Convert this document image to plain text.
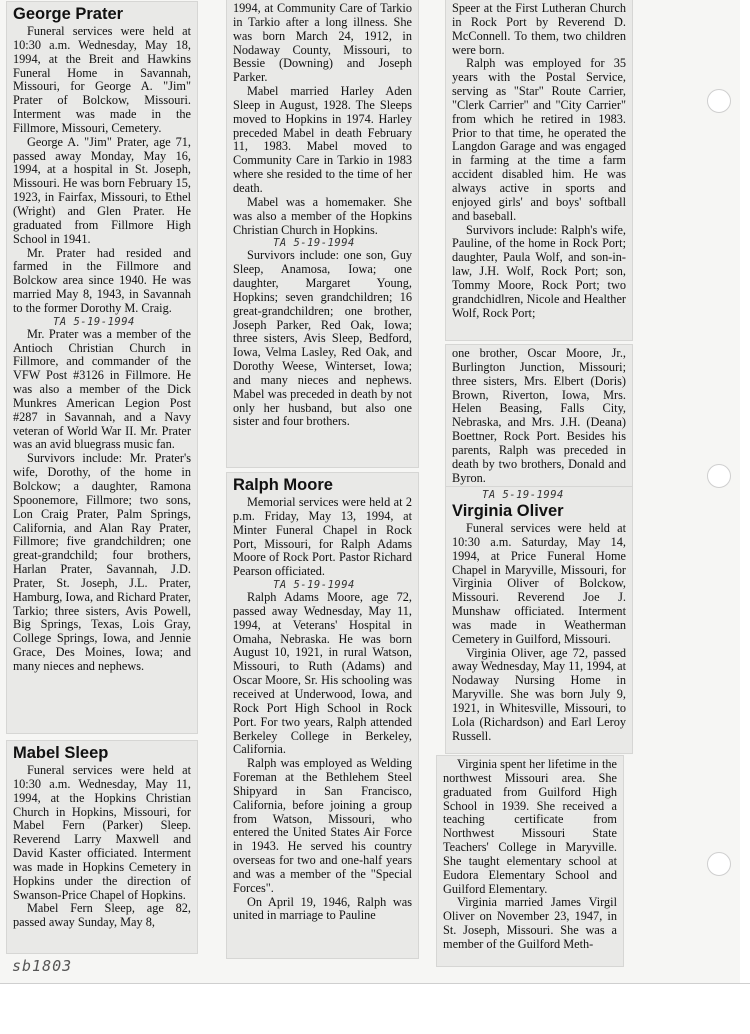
George Prater

Funeral services were held at 10:30 a.m. Wednesday, May 18, 1994, at the Breit and Hawkins Funeral Home in Savannah, Missouri, for George A. "Jim" Prater of Bolckow, Missouri. Interment was made in the Fillmore, Missouri, Cemetery.

George A. "Jim" Prater, age 71, passed away Monday, May 16, 1994, at a hospital in St. Joseph, Missouri. He was born February 15, 1923, in Fairfax, Missouri, to Ethel (Wright) and Glen Prater. He graduated from Fillmore High School in 1941.

Mr. Prater had resided and farmed in the Fillmore and Bolckow area since 1940. He was married May 8, 1943, in Savannah to the former Dorothy M. Craig.

TA 5-19-1994

Mr. Prater was a member of the Antioch Christian Church in Fillmore, and commander of the VFW Post #3126 in Fillmore. He was also a member of the Dick Munkres American Legion Post #287 in Savannah, and a Navy veteran of World War II. Mr. Prater was an avid bluegrass music fan.

Survivors include: Mr. Prater's wife, Dorothy, of the home in Bolckow; a daughter, Ramona Spoonemore, Fillmore; two sons, Lon Craig Prater, Palm Springs, California, and Alan Ray Prater, Fillmore; five grandchildren; one great-grandchild; four brothers, Harlan Prater, Savannah, J.D. Prater, St. Joseph, J.L. Prater, Hamburg, Iowa, and Richard Prater, Tarkio; three sisters, Avis Powell, Big Springs, Texas, Lois Gray, College Springs, Iowa, and Jennie Grace, Des Moines, Iowa; and many nieces and nephews.

Mabel Sleep

Funeral services were held at 10:30 a.m. Wednesday, May 11, 1994, at the Hopkins Christian Church in Hopkins, Missouri, for Mabel Fern (Parker) Sleep. Reverend Larry Maxwell and David Kaster officiated. Interment was made in Hopkins Cemetery in Hopkins under the direction of Swanson-Price Chapel of Hopkins.

Mabel Fern Sleep, age 82, passed away Sunday, May 8,

1994, at Community Care of Tarkio in Tarkio after a long illness. She was born March 24, 1912, in Nodaway County, Missouri, to Bessie (Downing) and Joseph Parker.

Mabel married Harley Aden Sleep in August, 1928. The Sleeps moved to Hopkins in 1974. Harley preceded Mabel in death February 11, 1983. Mabel moved to Community Care in Tarkio in 1983 where she resided to the time of her death.

Mabel was a homemaker. She was also a member of the Hopkins Christian Church in Hopkins.

TA 5-19-1994

Survivors include: one son, Guy Sleep, Anamosa, Iowa; one daughter, Margaret Young, Hopkins; seven grandchildren; 16 great-grandchildren; one brother, Joseph Parker, Red Oak, Iowa; three sisters, Avis Sleep, Bedford, Iowa, Velma Lasley, Red Oak, and Dorothy Weese, Winterset, Iowa; and many nieces and nephews. Mabel was preceded in death by not only her husband, but also one sister and four brothers.

Ralph Moore

Memorial services were held at 2 p.m. Friday, May 13, 1994, at Minter Funeral Chapel in Rock Port, Missouri, for Ralph Adams Moore of Rock Port. Pastor Richard Pearson officiated.

TA 5-19-1994

Ralph Adams Moore, age 72, passed away Wednesday, May 11, 1994, at Veterans' Hospital in Omaha, Nebraska. He was born August 10, 1921, in rural Watson, Missouri, to Ruth (Adams) and Oscar Moore, Sr. His schooling was received at Underwood, Iowa, and Rock Port High School in Rock Port. For two years, Ralph attended Berkeley College in Berkeley, California.

Ralph was employed as Welding Foreman at the Bethlehem Steel Shipyard in San Francisco, California, before joining a group from Watson, Missouri, who entered the United States Air Force in 1943. He served his country overseas for two and one-half years and was a member of the "Special Forces".

On April 19, 1946, Ralph was united in marriage to Pauline

Speer at the First Lutheran Church in Rock Port by Reverend D. McConnell. To them, two children were born.

Ralph was employed for 35 years with the Postal Service, serving as "Star" Route Carrier, "Clerk Carrier" and "City Carrier" from which he retired in 1983. Prior to that time, he operated the Langdon Garage and was engaged in farming at the time a farm accident disabled him. He was always active in sports and enjoyed girls' and boys' softball and baseball.

Survivors include: Ralph's wife, Pauline, of the home in Rock Port; daughter, Paula Wolf, and son-in-law, J.H. Wolf, Rock Port; son, Tommy Moore, Rock Port; two grandchidlren, Nicole and Healther Wolf, Rock Port;

one brother, Oscar Moore, Jr., Burlington Junction, Missouri; three sisters, Mrs. Elbert (Doris) Brown, Riverton, Iowa, Mrs. Helen Beasing, Falls City, Nebraska, and Mrs. J.H. (Deana) Boettner, Rock Port. Besides his parents, Ralph was preceded in death by two brothers, Donald and Byron.

TA 5-19-1994
Virginia Oliver

Funeral services were held at 10:30 a.m. Saturday, May 14, 1994, at Price Funeral Home Chapel in Maryville, Missouri, for Virginia Oliver of Bolckow, Missouri. Reverend Joe J. Munshaw officiated. Interment was made in Weatherman Cemetery in Guilford, Missouri.

Virginia Oliver, age 72, passed away Wednesday, May 11, 1994, at Nodaway Nursing Home in Maryville. She was born July 9, 1921, in Whitesville, Missouri, to Lola (Richardson) and Earl Leroy Russell.

Virginia spent her lifetime in the northwest Missouri area. She graduated from Guilford High School in 1939. She received a teaching certificate from Northwest Missouri State Teachers' College in Maryville. She taught elementary school at Eudora Elementary School and Guilford Elementary.

Virginia married James Virgil Oliver on November 23, 1947, in St. Joseph, Missouri. She was a member of the Guilford Meth-

sb1803
